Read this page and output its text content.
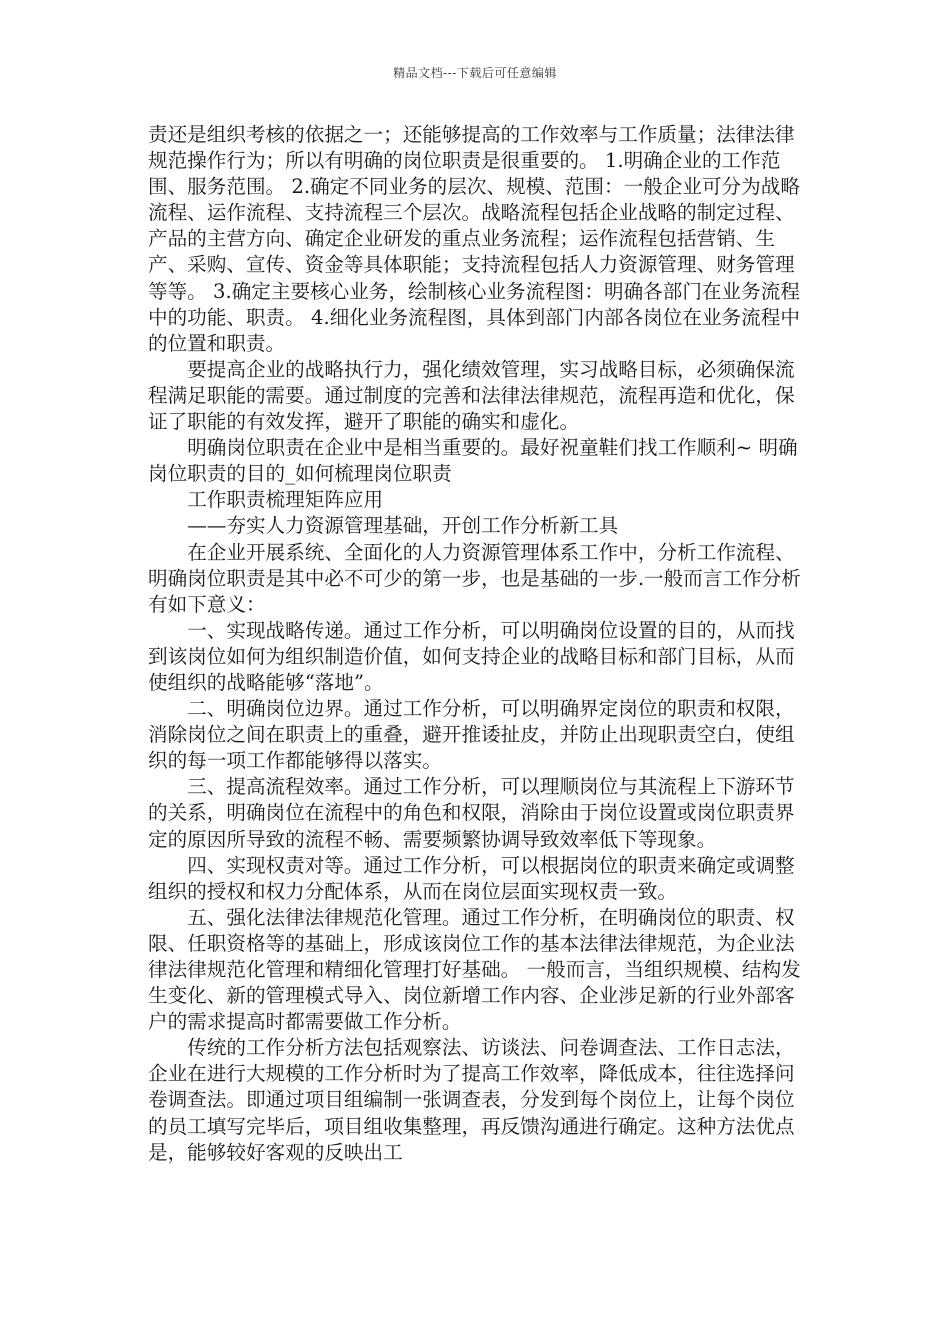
精品文档---下载后可任意编辑

责还是组织考核的依据之一；还能够提高的工作效率与工作质量；法律法律规范操作行为；所以有明确的岗位职责是很重要的。 1.明确企业的工作范围、服务范围。 2.确定不同业务的层次、规模、范围：一般企业可分为战略流程、运作流程、支持流程三个层次。战略流程包括企业战略的制定过程、产品的主营方向、确定企业研发的重点业务流程；运作流程包括营销、生产、采购、宣传、资金等具体职能；支持流程包括人力资源管理、财务管理等等。 3.确定主要核心业务，绘制核心业务流程图：明确各部门在业务流程中的功能、职责。 4.细化业务流程图，具体到部门内部各岗位在业务流程中的位置和职责。

要提高企业的战略执行力，强化绩效管理，实习战略目标，必须确保流程满足职能的需要。通过制度的完善和法律法律规范，流程再造和优化，保证了职能的有效发挥，避开了职能的确实和虚化。

明确岗位职责在企业中是相当重要的。最好祝童鞋们找工作顺利~ 明确岗位职责的目的_如何梳理岗位职责

工作职责梳理矩阵应用

——夯实人力资源管理基础，开创工作分析新工具

在企业开展系统、全面化的人力资源管理体系工作中，分析工作流程、明确岗位职责是其中必不可少的第一步，也是基础的一步.一般而言工作分析有如下意义：

一、实现战略传递。通过工作分析，可以明确岗位设置的目的，从而找到该岗位如何为组织制造价值，如何支持企业的战略目标和部门目标，从而使组织的战略能够“落地”。

二、明确岗位边界。通过工作分析，可以明确界定岗位的职责和权限，消除岗位之间在职责上的重叠，避开推诿扯皮，并防止出现职责空白，使组织的每一项工作都能够得以落实。

三、提高流程效率。通过工作分析，可以理顺岗位与其流程上下游环节的关系，明确岗位在流程中的角色和权限，消除由于岗位设置或岗位职责界定的原因所导致的流程不畅、需要频繁协调导致效率低下等现象。

四、实现权责对等。通过工作分析，可以根据岗位的职责来确定或调整组织的授权和权力分配体系，从而在岗位层面实现权责一致。

五、强化法律法律规范化管理。通过工作分析，在明确岗位的职责、权限、任职资格等的基础上，形成该岗位工作的基本法律法律规范，为企业法律法律规范化管理和精细化管理打好基础。 一般而言，当组织规模、结构发生变化、新的管理模式导入、岗位新增工作内容、企业涉足新的行业外部客户的需求提高时都需要做工作分析。

传统的工作分析方法包括观察法、访谈法、问卷调查法、工作日志法，企业在进行大规模的工作分析时为了提高工作效率，降低成本，往往选择问卷调查法。即通过项目组编制一张调查表，分发到每个岗位上，让每个岗位的员工填写完毕后，项目组收集整理，再反馈沟通进行确定。这种方法优点是，能够较好客观的反映出工
